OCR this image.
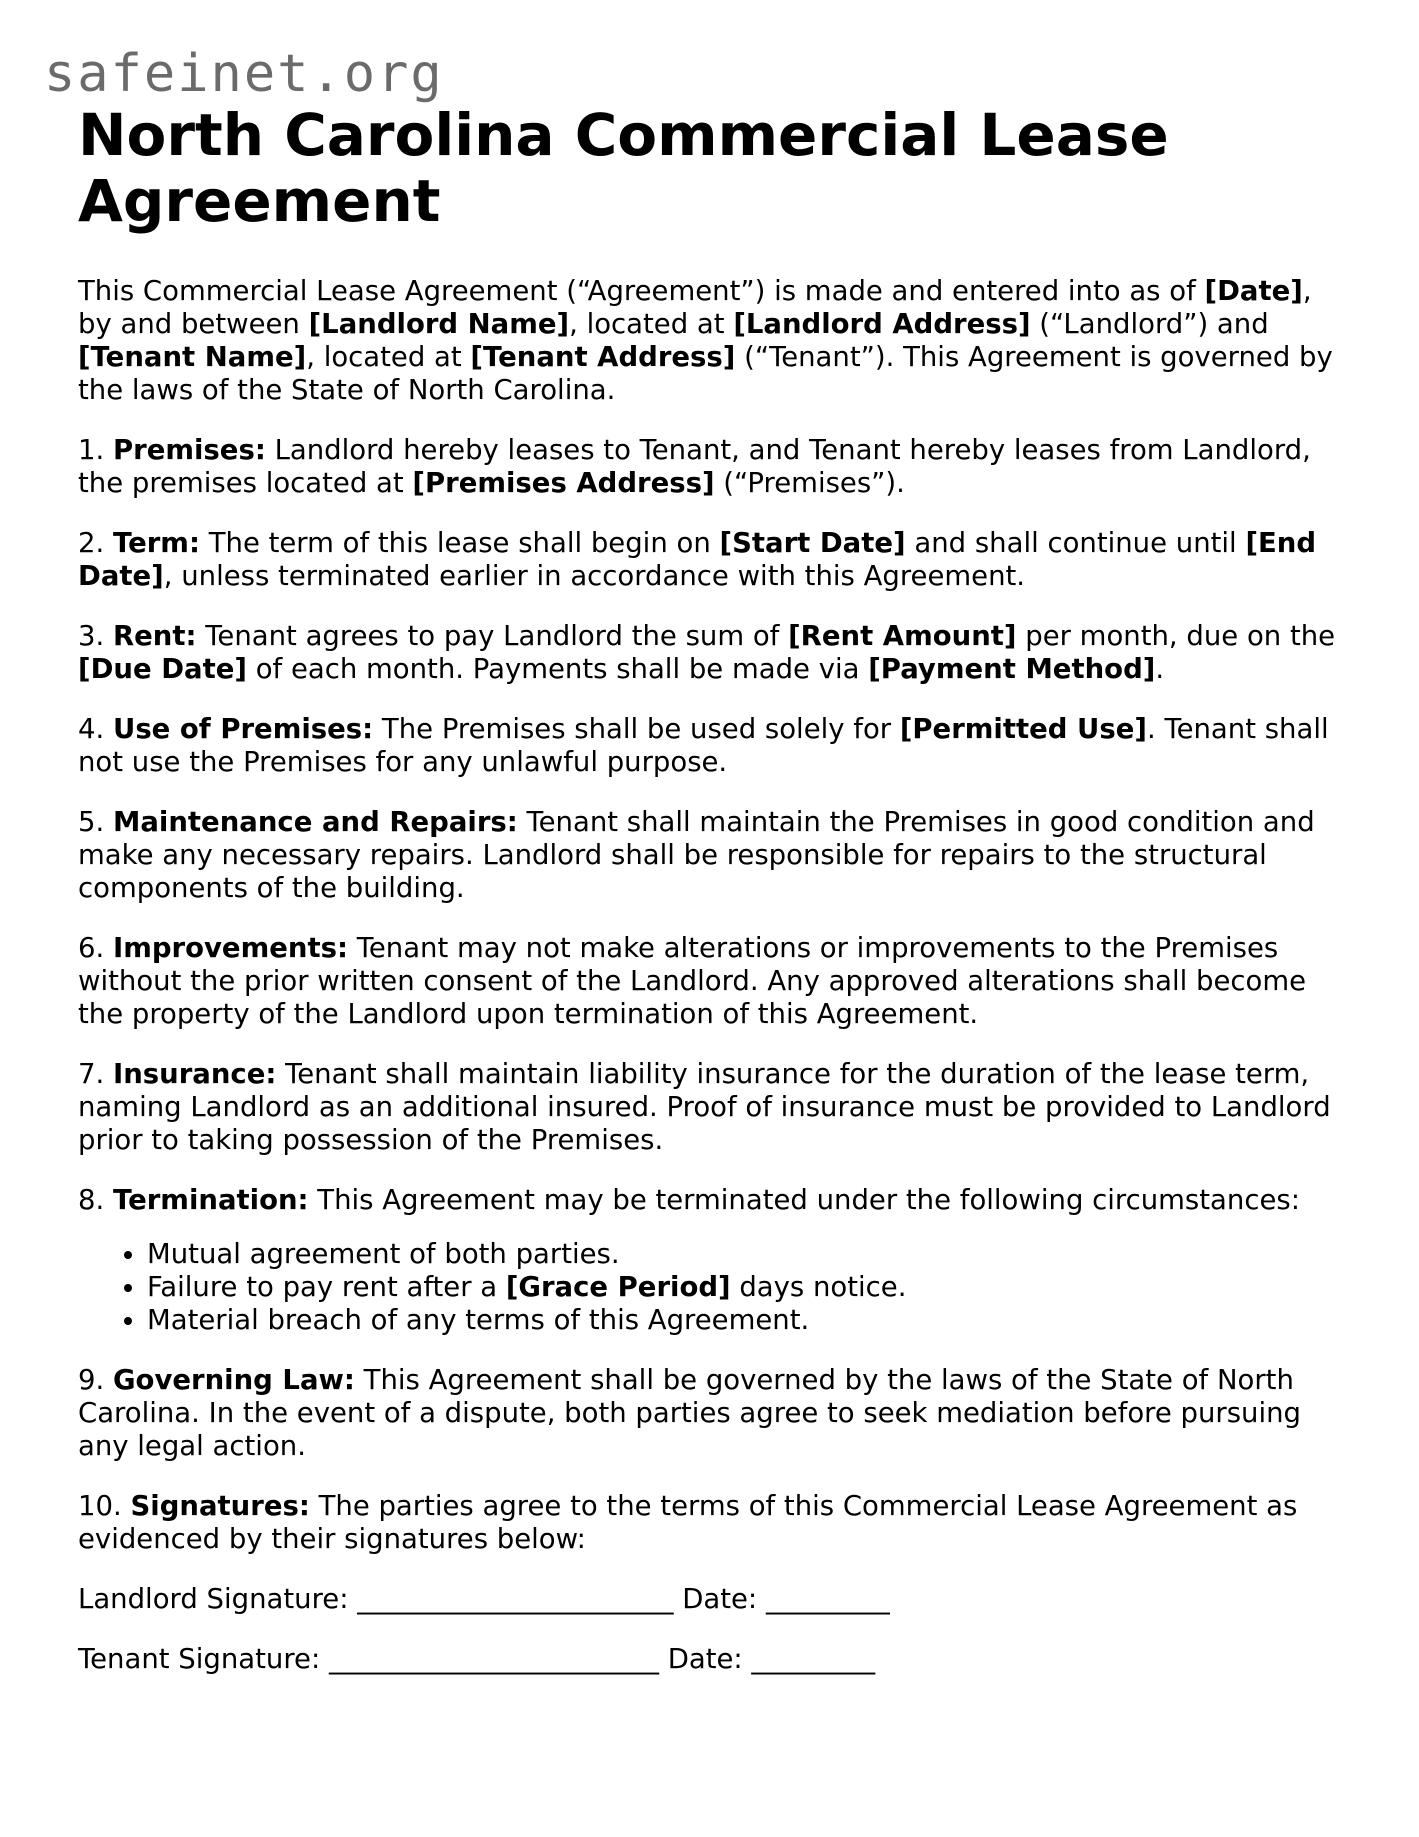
safeinet.org
North Carolina Commercial Lease Agreement

This Commercial Lease Agreement (“Agreement”) is made and entered into as of [Date], by and between [Landlord Name], located at [Landlord Address] (“Landlord”) and [Tenant Name], located at [Tenant Address] (“Tenant”). This Agreement is governed by the laws of the State of North Carolina.

1. Premises: Landlord hereby leases to Tenant, and Tenant hereby leases from Landlord, the premises located at [Premises Address] (“Premises”).

2. Term: The term of this lease shall begin on [Start Date] and shall continue until [End Date], unless terminated earlier in accordance with this Agreement.

3. Rent: Tenant agrees to pay Landlord the sum of [Rent Amount] per month, due on the [Due Date] of each month. Payments shall be made via [Payment Method].

4. Use of Premises: The Premises shall be used solely for [Permitted Use]. Tenant shall not use the Premises for any unlawful purpose.

5. Maintenance and Repairs: Tenant shall maintain the Premises in good condition and make any necessary repairs. Landlord shall be responsible for repairs to the structural components of the building.

6. Improvements: Tenant may not make alterations or improvements to the Premises without the prior written consent of the Landlord. Any approved alterations shall become the property of the Landlord upon termination of this Agreement.

7. Insurance: Tenant shall maintain liability insurance for the duration of the lease term, naming Landlord as an additional insured. Proof of insurance must be provided to Landlord prior to taking possession of the Premises.

8. Termination: This Agreement may be terminated under the following circumstances:

• Mutual agreement of both parties.
• Failure to pay rent after a [Grace Period] days notice.
• Material breach of any terms of this Agreement.

9. Governing Law: This Agreement shall be governed by the laws of the State of North Carolina. In the event of a dispute, both parties agree to seek mediation before pursuing any legal action.

10. Signatures: The parties agree to the terms of this Commercial Lease Agreement as evidenced by their signatures below:

Landlord Signature: _______________________ Date: _________
Tenant Signature: ________________________ Date: _________
